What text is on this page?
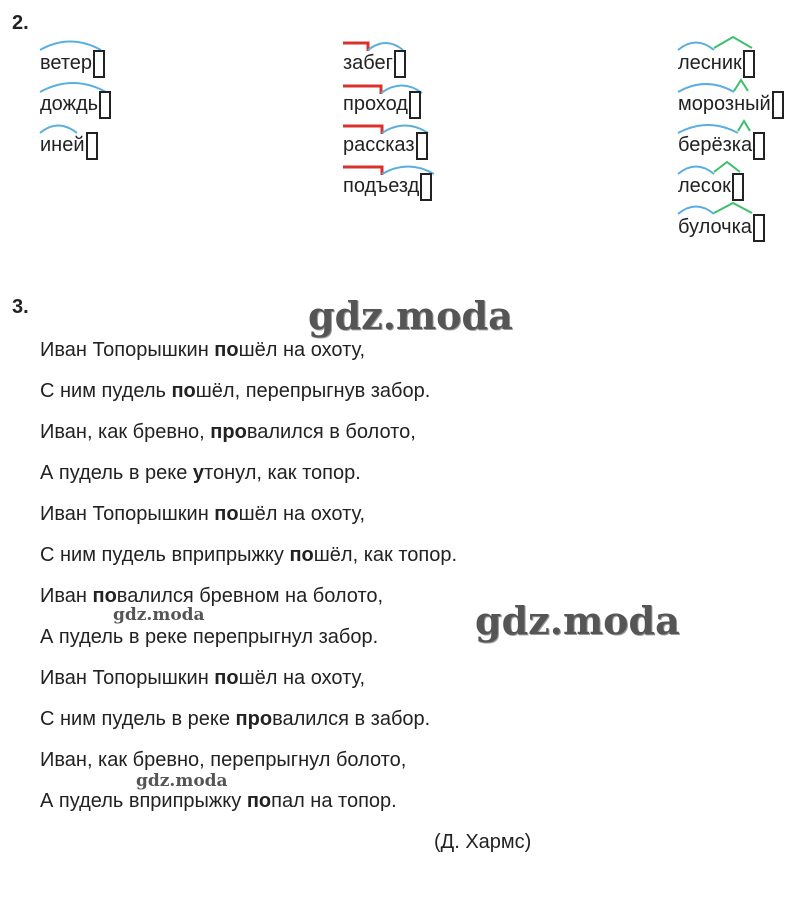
2.
ветер
дождь
иней
забег
проход
рассказ
подъезд
лесник
морозный
берёзка
лесок
булочка
3.
Иван Топорышкин пошёл на охоту,
С ним пудель пошёл, перепрыгнув забор.
Иван, как бревно, провалился в болото,
А пудель в реке утонул, как топор.
Иван Топорышкин пошёл на охоту,
С ним пудель вприпрыжку пошёл, как топор.
Иван повалился бревном на болото,
А пудель в реке перепрыгнул забор.
Иван Топорышкин пошёл на охоту,
С ним пудель в реке провалился в забор.
Иван, как бревно, перепрыгнул болото,
А пудель вприпрыжку попал на топор.
(Д. Хармс)
gdz.moda
gdz.moda
gdz.moda
gdz.moda
